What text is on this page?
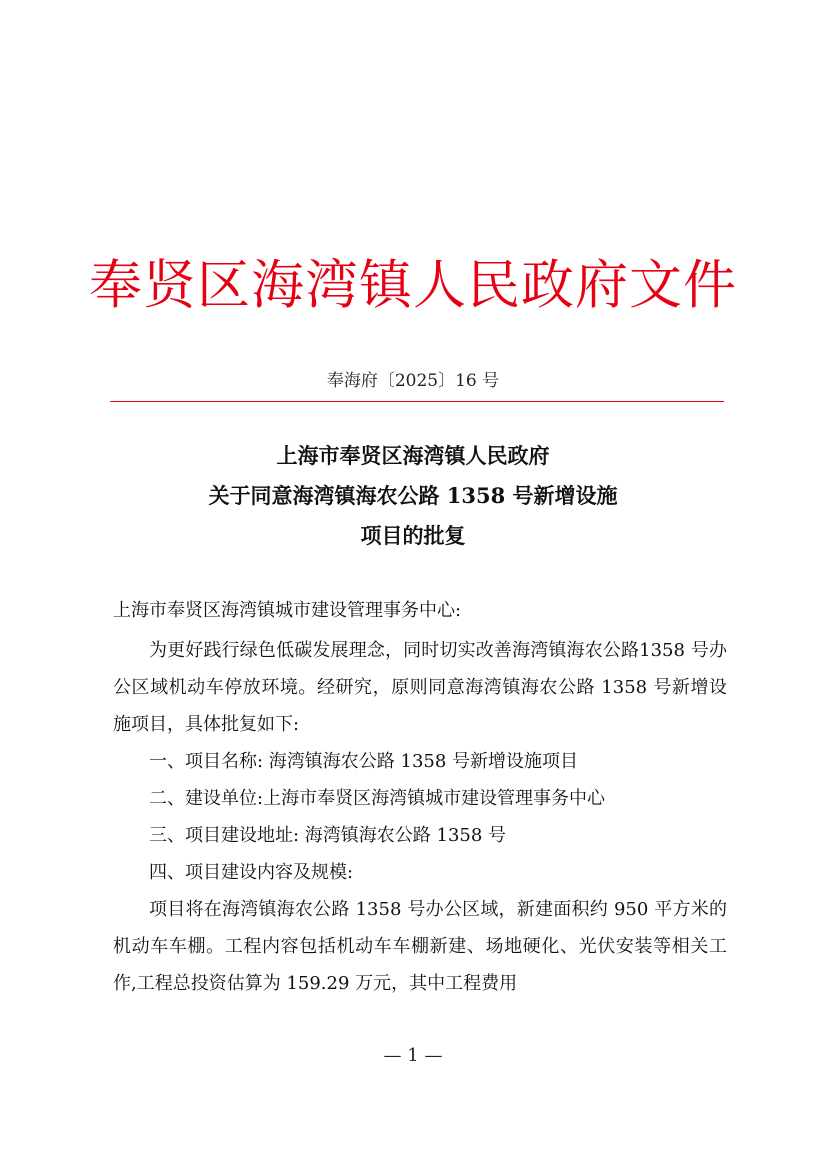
奉贤区海湾镇人民政府文件
奉海府〔2025〕16 号
上海市奉贤区海湾镇人民政府
关于同意海湾镇海农公路 1358 号新增设施
项目的批复
上海市奉贤区海湾镇城市建设管理事务中心:

为更好践行绿色低碳发展理念，同时切实改善海湾镇海农公路1358 号办公区域机动车停放环境。经研究，原则同意海湾镇海农公路 1358 号新增设施项目，具体批复如下:

一、项目名称: 海湾镇海农公路 1358 号新增设施项目

二、建设单位:上海市奉贤区海湾镇城市建设管理事务中心

三、项目建设地址: 海湾镇海农公路 1358 号

四、项目建设内容及规模:

项目将在海湾镇海农公路 1358 号办公区域，新建面积约 950 平方米的机动车车棚。工程内容包括机动车车棚新建、场地硬化、光伏安装等相关工作,工程总投资估算为 159.29 万元，其中工程费用

— 1 —
